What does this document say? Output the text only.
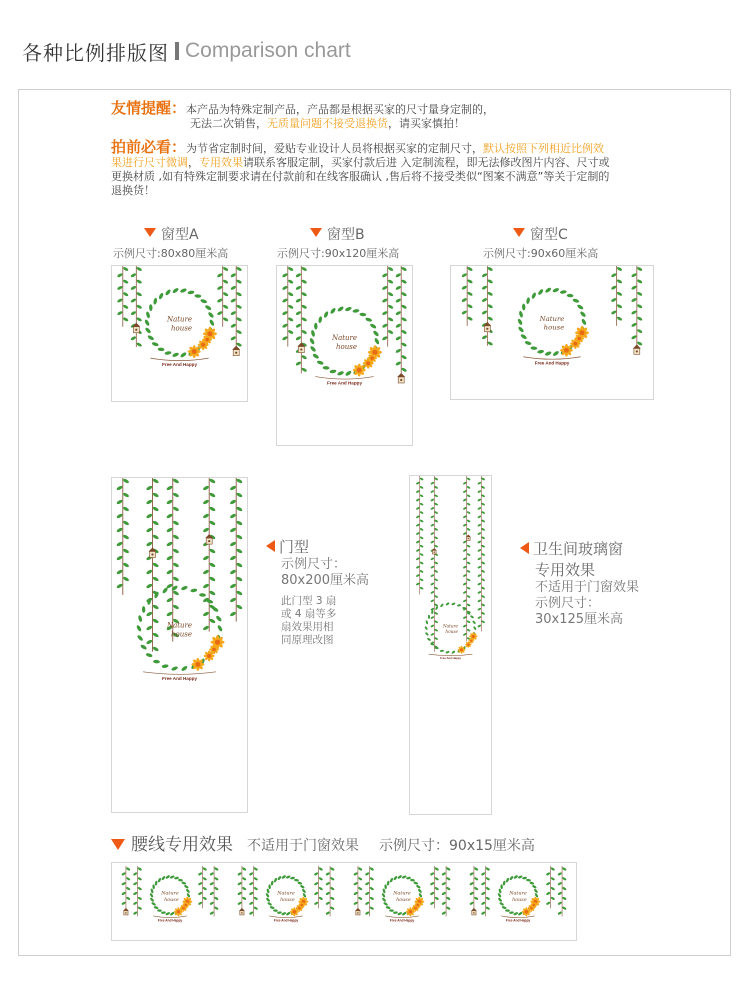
各种比例排版图 Comparison chart
友情提醒：本产品为特殊定制产品，产品都是根据买家的尺寸量身定制的，
无法二次销售，无质量问题不接受退换货，请买家慎拍！
拍前必看：为节省定制时间，爱贴专业设计人员将根据买家的定制尺寸，默认按照下列相近比例效果进行尺寸微调，专用效果请联系客服定制，买家付款后进 入定制流程，即无法修改图片内容、尺寸或更换材质 ,如有特殊定制要求请在付款前和在线客服确认 ,售后将不接受类似“图案不满意”等关于定制的退换货！
窗型A
示例尺寸:80x80厘米高
窗型B
示例尺寸:90x120厘米高
窗型C
示例尺寸:90x60厘米高
Nature
house
Free And Happy
Nature
house
Free And Happy
Nature
house
Free And Happy
Nature
house
Free And Happy
Nature
house
Free And Happy
Nature
house
Free And Happy
Nature
house
Free And Happy
Nature
house
Free And Happy
Nature
house
Free And Happy
门型
示例尺寸：
80x200厘米高
此门型 3 扇
或 4 扇等多
扇效果用相
同原理改图
卫生间玻璃窗
专用效果
不适用于门窗效果
示例尺寸：
30x125厘米高
腰线专用效果 不适用于门窗效果 示例尺寸：90x15厘米高
